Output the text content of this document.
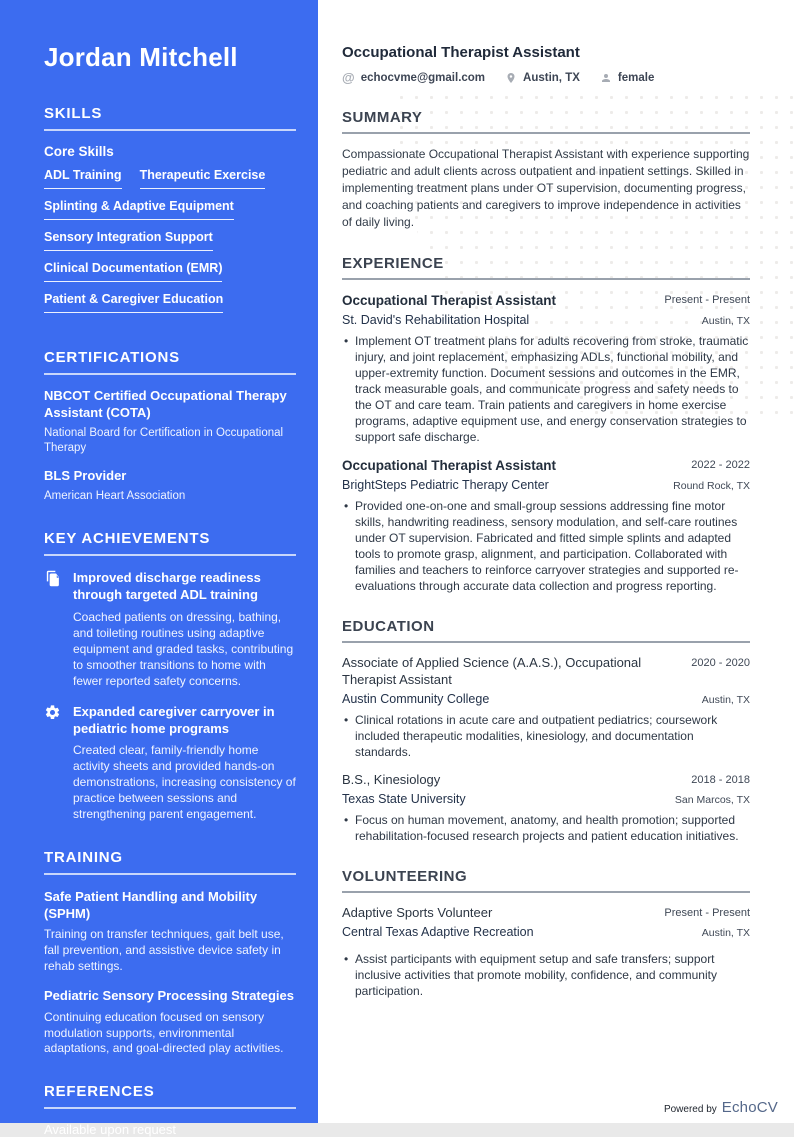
Jordan Mitchell
SKILLS
Core Skills
ADL Training Therapeutic Exercise
Splinting & Adaptive Equipment
Sensory Integration Support
Clinical Documentation (EMR)
Patient & Caregiver Education
CERTIFICATIONS
NBCOT Certified Occupational Therapy Assistant (COTA)
National Board for Certification in Occupational Therapy
BLS Provider
American Heart Association
KEY ACHIEVEMENTS
Improved discharge readiness through targeted ADL training
Coached patients on dressing, bathing, and toileting routines using adaptive equipment and graded tasks, contributing to smoother transitions to home with fewer reported safety concerns.
Expanded caregiver carryover in pediatric home programs
Created clear, family-friendly home activity sheets and provided hands-on demonstrations, increasing consistency of practice between sessions and strengthening parent engagement.
TRAINING
Safe Patient Handling and Mobility (SPHM)
Training on transfer techniques, gait belt use, fall prevention, and assistive device safety in rehab settings.
Pediatric Sensory Processing Strategies
Continuing education focused on sensory modulation supports, environmental adaptations, and goal-directed play activities.
REFERENCES
Available upon request
Occupational Therapist Assistant
@ echocvme@gmail.com	Austin, TX	female
SUMMARY

Compassionate Occupational Therapist Assistant with experience supporting pediatric and adult clients across outpatient and inpatient settings. Skilled in implementing treatment plans under OT supervision, documenting progress, and coaching patients and caregivers to improve independence in activities of daily living.

EXPERIENCE
Occupational Therapist Assistant	Present - Present
St. David's Rehabilitation Hospital	Austin, TX
• Implement OT treatment plans for adults recovering from stroke, traumatic injury, and joint replacement, emphasizing ADLs, functional mobility, and upper-extremity function. Document sessions and outcomes in the EMR, track measurable goals, and communicate progress and safety needs to the OT and care team. Train patients and caregivers in home exercise programs, adaptive equipment use, and energy conservation strategies to support safe discharge.
Occupational Therapist Assistant	2022 - 2022
BrightSteps Pediatric Therapy Center	Round Rock, TX
• Provided one-on-one and small-group sessions addressing fine motor skills, handwriting readiness, sensory modulation, and self-care routines under OT supervision. Fabricated and fitted simple splints and adapted tools to promote grasp, alignment, and participation. Collaborated with families and teachers to reinforce carryover strategies and supported re-evaluations through accurate data collection and progress reporting.
EDUCATION
Associate of Applied Science (A.A.S.), Occupational Therapist Assistant
2020 - 2020
Austin Community College	Austin, TX
• Clinical rotations in acute care and outpatient pediatrics; coursework included therapeutic modalities, kinesiology, and documentation standards.
B.S., Kinesiology	2018 - 2018
Texas State University	San Marcos, TX
• Focus on human movement, anatomy, and health promotion; supported rehabilitation-focused research projects and patient education initiatives.
VOLUNTEERING
Adaptive Sports Volunteer	Present - Present
Central Texas Adaptive Recreation	Austin, TX
• Assist participants with equipment setup and safe transfers; support inclusive activities that promote mobility, confidence, and community participation.
Powered by EchoCV
